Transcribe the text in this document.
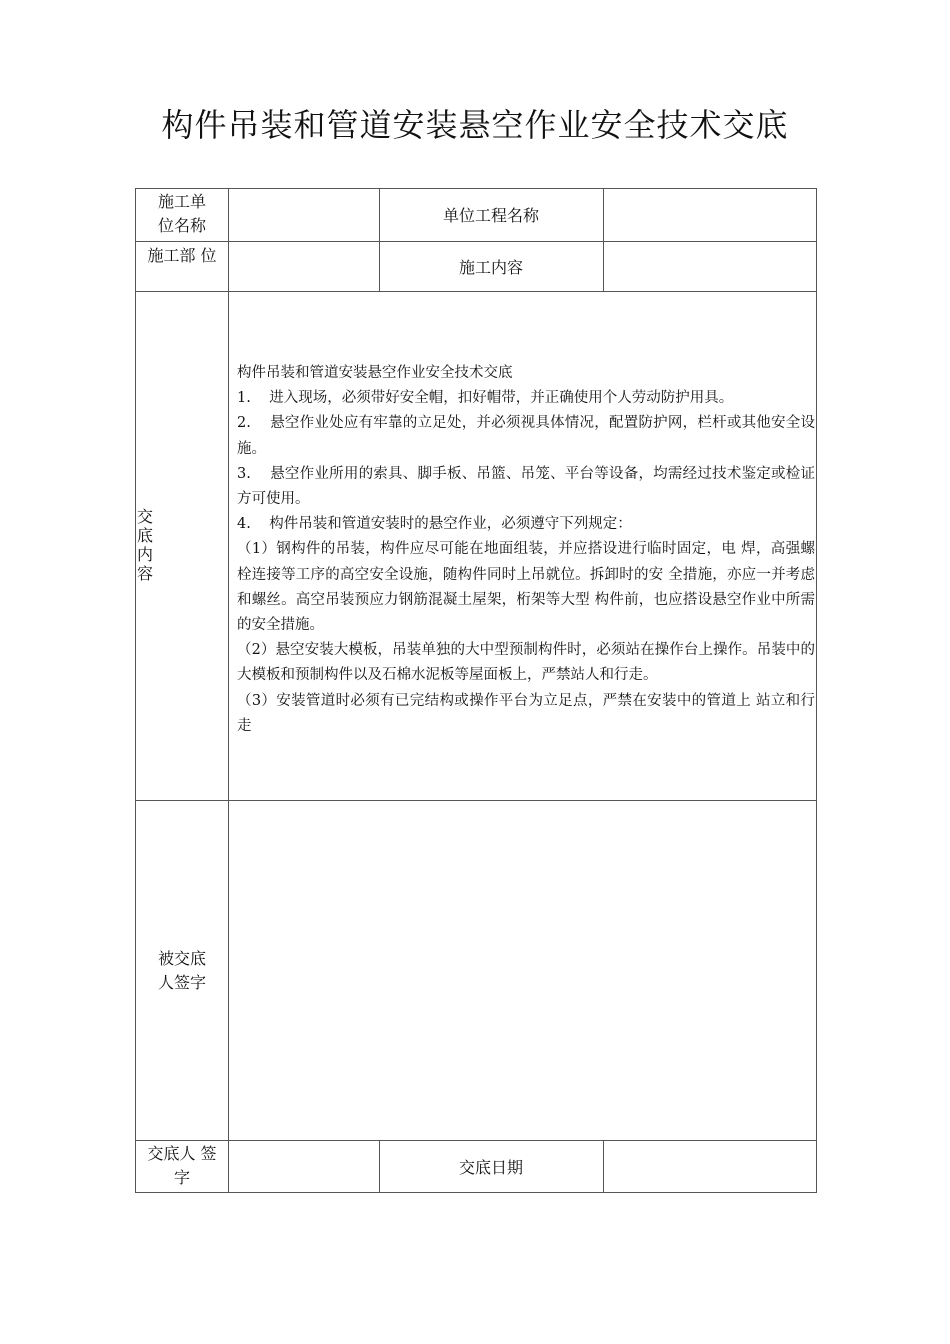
构件吊装和管道安装悬空作业安全技术交底
施工单
位名称
单位工程名称
施工部 位
施工内容
交
底
内
容

构件吊装和管道安装悬空作业安全技术交底

1.    进入现场，必须带好安全帽，扣好帽带，并正确使用个人劳动防护用具。

2.    悬空作业处应有牢靠的立足处，并必须视具体情况，配置防护网，栏杆或其他安全设施。

3.    悬空作业所用的索具、脚手板、吊篮、吊笼、平台等设备，均需经过技术鉴定或检证方可使用。

4.    构件吊装和管道安装时的悬空作业，必须遵守下列规定：

（1）钢构件的吊装，构件应尽可能在地面组装，并应搭设进行临时固定，电 焊，高强螺栓连接等工序的高空安全设施，随构件同时上吊就位。拆卸时的安 全措施，亦应一并考虑和螺丝。高空吊装预应力钢筋混凝土屋架，桁架等大型 构件前，也应搭设悬空作业中所需的安全措施。

（2）悬空安装大模板，吊装单独的大中型预制构件时，必须站在操作台上操作。吊装中的大模板和预制构件以及石棉水泥板等屋面板上，严禁站人和行走。

（3）安装管道时必须有已完结构或操作平台为立足点，严禁在安装中的管道上 站立和行走

被交底
人签字
交底人 签
字
交底日期
